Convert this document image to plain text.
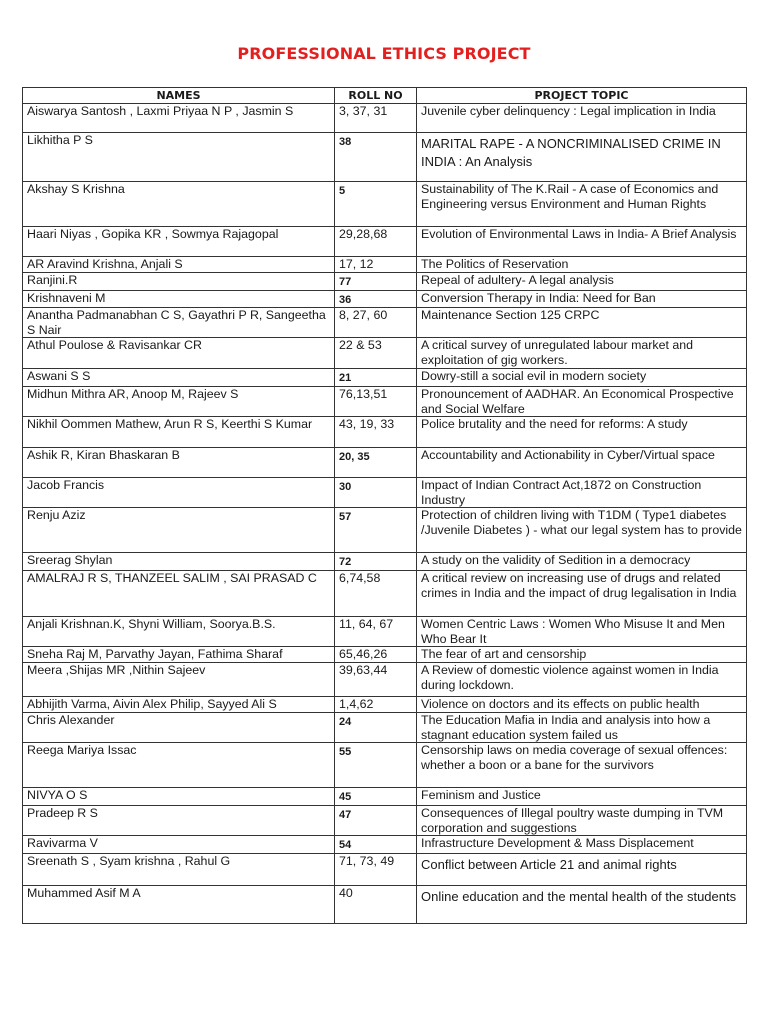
PROFESSIONAL ETHICS PROJECT
NAMES	ROLL NO	PROJECT TOPIC
Aiswarya Santosh , Laxmi Priyaa N P , Jasmin S	3, 37, 31	Juvenile cyber delinquency : Legal implication in India
Likhitha P S	38	MARITAL RAPE - A NONCRIMINALISED CRIME IN INDIA : An Analysis
Akshay S Krishna	5	Sustainability of The K.Rail - A case of Economics and Engineering versus Environment and Human Rights
Haari Niyas , Gopika KR , Sowmya Rajagopal	29,28,68	Evolution of Environmental Laws in India- A Brief Analysis
AR Aravind Krishna, Anjali S	17, 12	The Politics of Reservation
Ranjini.R	77	Repeal of adultery- A legal analysis
Krishnaveni M	36	Conversion Therapy in India: Need for Ban
Anantha Padmanabhan C S, Gayathri P R, Sangeetha S Nair	8, 27, 60	Maintenance Section 125 CRPC
Athul Poulose & Ravisankar CR	22 & 53	A critical survey of unregulated labour market and exploitation of gig workers.
Aswani S S	21	Dowry-still a social evil in modern society
Midhun Mithra AR, Anoop M, Rajeev S	76,13,51	Pronouncement of AADHAR. An Economical Prospective and Social Welfare
Nikhil Oommen Mathew, Arun R S, Keerthi S Kumar	43, 19, 33	Police brutality and the need for reforms: A study
Ashik R, Kiran Bhaskaran B	20, 35	Accountability and Actionability in Cyber/Virtual space
Jacob Francis	30	Impact of Indian Contract Act,1872 on Construction Industry
Renju Aziz	57	Protection of children living with T1DM ( Type1 diabetes /Juvenile Diabetes ) - what our legal system has to provide
Sreerag Shylan	72	A study on the validity of Sedition in a democracy
AMALRAJ R S, THANZEEL SALIM , SAI PRASAD C	6,74,58	A critical review on increasing use of drugs and related crimes in India and the impact of drug legalisation in India
Anjali Krishnan.K, Shyni William, Soorya.B.S.	11, 64, 67	Women Centric Laws : Women Who Misuse It and Men Who Bear It
Sneha Raj M, Parvathy Jayan, Fathima Sharaf	65,46,26	The fear of art and censorship
Meera ,Shijas MR ,Nithin Sajeev	39,63,44	A Review of domestic violence against women in India during lockdown.
Abhijith Varma, Aivin Alex Philip, Sayyed Ali S	1,4,62	Violence on doctors and its effects on public health
Chris Alexander	24	The Education Mafia in India and analysis into how a stagnant education system failed us
Reega Mariya Issac	55	Censorship laws on media coverage of sexual offences: whether a boon or a bane for the survivors
NIVYA O S	45	Feminism and Justice
Pradeep R S	47	Consequences of Illegal poultry waste dumping in TVM corporation and suggestions
Ravivarma V	54	Infrastructure Development & Mass Displacement
Sreenath S , Syam krishna , Rahul G	71, 73, 49	Conflict between Article 21 and animal rights
Muhammed Asif M A	40	Online education and the mental health of the students
